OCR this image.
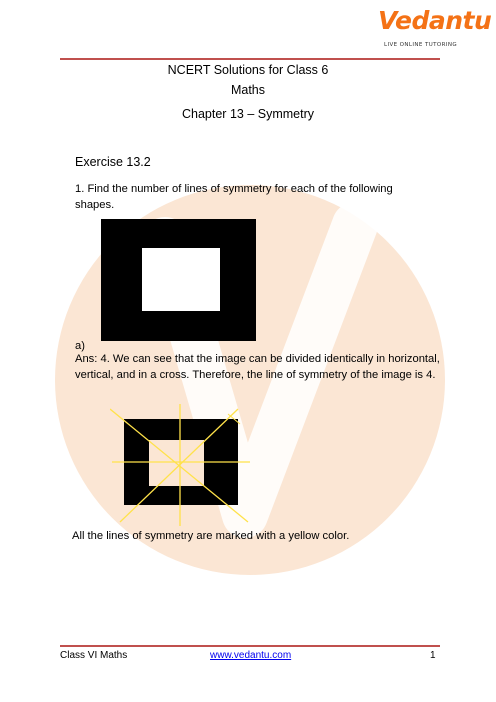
Vedantu
LIVE ONLINE TUTORING
NCERT Solutions for Class 6
Maths
Chapter 13 – Symmetry
Exercise 13.2
1. Find the number of lines of symmetry for each of the following shapes.
a)
Ans: 4. We can see that the image can be divided identically in horizontal, vertical, and in a cross. Therefore, the line of symmetry of the image is 4.
All the lines of symmetry are marked with a yellow color.
Class VI Maths	www.vedantu.com	1
